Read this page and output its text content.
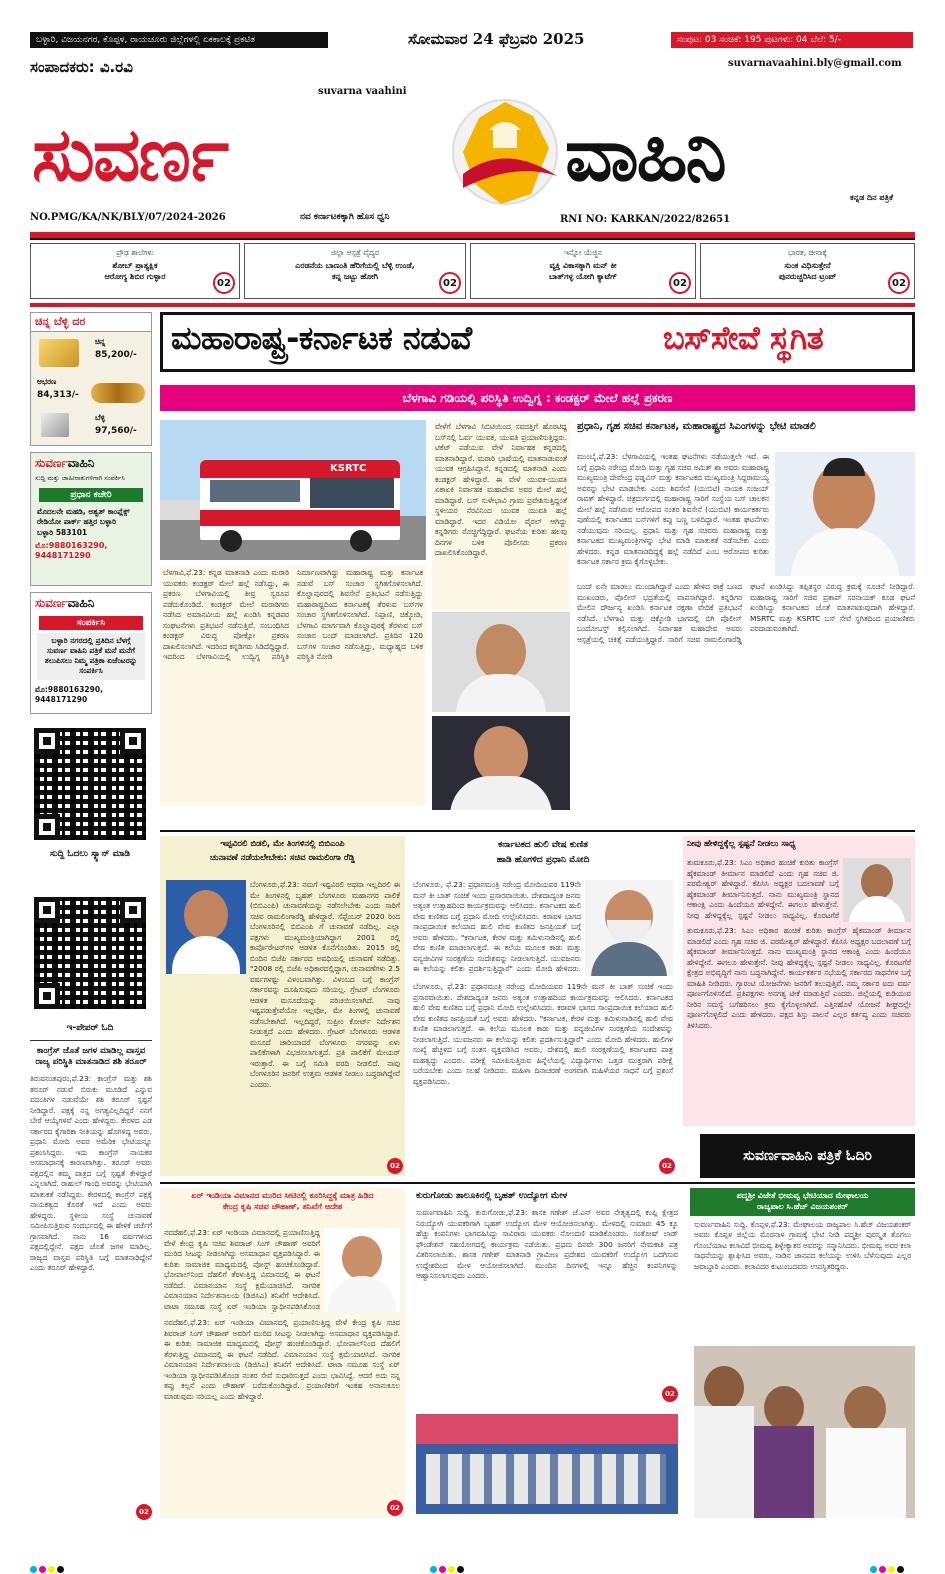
ಬಳ್ಳಾರಿ, ವಿಜಯನಗರ, ಕೊಪ್ಪಳ, ರಾಯಚೂರು ಜಿಲ್ಲೆಗಳಲ್ಲಿ ಏಕಕಾಲಕ್ಕೆ ಪ್ರಕಟಿತ	ಸೋಮವಾರ 24 ಫೆಬ್ರವರಿ 2025	ಸಂಪುಟ: 03 ಸಂಚಿಕೆ: 195 ಪುಟಗಳು: 04 ಬೆಲೆ: 5/-
ಸಂಪಾದಕರು: ವಿ.ರವಿ	suvarnavaahini.bly@gmail.com
suvarna vaahini
ಸುವರ್ಣ	ವಾಹಿನಿ	ಕನ್ನಡ ದಿನ ಪತ್ರಿಕೆ
NO.PMG/KA/NK/BLY/07/2024-2026	ನವ ಕರ್ನಾಟಕಕ್ಕಾಗಿ ಹೊಸ ಧ್ವನಿ	RNI NO: KARKAN/2022/82651
ಪ್ರೌಢ ಶಾಲೆಗಳು
ಶೋಬ್ ಪ್ರಾತ್ಯಕ್ಷಿಕ
ಆರೋಗ್ಯ ಶಿಬಿರ ಗುಳ್ಳಾರ
02
ಜಿಲ್ಲಾ ಆಸ್ಪತ್ರೆ ವೈದ್ಯರ
ಎರಡನೆಯ ಬಾಣಂತಿ ಹೆರಿಗೆಯಲ್ಲಿ ಬೆಳ್ಳಿ ಉಂಡೆ,
ಕನ್ನ ಜಟ್ಟು ಹೋಗಿ
02
ಇನ್ನೋ ಯೆಜ್ಜಿನ
ವ್ಯಕ್ತಿ ವಿಕಾಸಕ್ಕಾಗಿ ಮನ್ ಕೀ
ಬಾತ್‌ಗಳ್ಳ ಯೋಗಿ ಕ್ಯಾಟೆಗ್
02
ಭಾರತ, ಚೀನಾಕ್ಕೆ
ಸುಂಕ ವಿಧಿಸುತ್ತೇನೆ
ಪುನರುಚ್ಚರಿಸಿದ ಟ್ರಂಪ್
02
ಚಿನ್ನ ಬೆಳ್ಳಿ ದರ
ಚಿನ್ನ
85,200/-
ಆಭರಣ
84,313/-
ಬೆಳ್ಳಿ
97,560/-
ಸುವರ್ಣವಾಹಿನಿ
ಸುದ್ದಿ ಮತ್ತು ಜಾಹೀರಾತುಗಳಿಗಾಗಿ ಸಂಪರ್ಕಿಸಿ
ಪ್ರಧಾನ ಕಚೇರಿ
ಮೊದಲನೇ ಮಹಡಿ, ಅಶ್ವತ್ ಕಾಂಪ್ಲೆಕ್ಸ್ ರೇಡಿಯೋ ಪಾರ್ಕ್ ಹತ್ತಿರ ಬಳ್ಳಾರಿ
ಬಳ್ಳಾರಿ 583101
ಮೊ:9880163290, 9448171290
ಸುವರ್ಣವಾಹಿನಿ
ಸಂಪರ್ಕಿಸಿ
ಬಳ್ಳಾರಿ ನಗರದಲ್ಲಿ ಪ್ರತಿದಿನ ಬೆಳಗ್ಗೆ ಸುವರ್ಣ ವಾಹಿನಿ ಪತ್ರಿಕೆ ಮನೆ ಮನೆಗೆ ತಲುಪಿಸಲು ನಿಮ್ಮ ಪತ್ರಿಕಾ ಏಜೆಂಟರನ್ನು ಸಂಪರ್ಕಿಸಿ
ಮೊ:9880163290, 9448171290
ಸುದ್ದಿ ಓದಲು ಸ್ಕ್ಯಾನ್ ಮಾಡಿ
ಇ-ಪೇಪರ್ ಓದಿ
ಕಾಂಗ್ರೆಸ್ ಜೊತೆ ಜಗಳ ಮಾಡಿಲ್ಲ ವಾಸ್ತವ ರಾಜ್ಯ ಪರಿಸ್ಥಿತಿ ಮಾತನಾಡಿದ ಶಶಿ ತರೂರ್
ತಿರುವನಂತಪುರಂ,ಫೆ.23: ಕಾಂಗ್ರೆಸ್ ಮತ್ತು ಶಶಿ ತರೂರ್ ನಡುವೆ ಬಿರುಕು ಮೂಡಿದೆ ಎನ್ನುವ ವದಂತಿಗಳ ನಡುವೆಯೇ ಶಶಿ ತರೂರ್ ಸ್ಪಷ್ಟನೆ ನೀಡಿದ್ದಾರೆ. ಪಕ್ಷಕ್ಕೆ ನನ್ನ ಅಗತ್ಯವಿಲ್ಲದಿದ್ದರೆ ನನಗೆ ಬೇರೆ ಆಯ್ಕೆಗಳಿವೆ ಎಂದು ಹೇಳಿದ್ದರು. ಕೇರಳದ ಎಡ ಸರ್ಕಾರದ ಕೈಗಾರಿಕಾ ನೀತಿಯನ್ನು ಹೊಗಳಿದ್ದ ಅವರು, ಪ್ರಧಾನಿ ಮೋದಿ ಅವರ ಅಮೆರಿಕ ಭೇಟಿಯನ್ನೂ ಪ್ರಶಂಸಿಸಿದ್ದರು. ಇದು ಕಾಂಗ್ರೆಸ್ ನಾಯಕರ ಅಸಮಾಧಾನಕ್ಕೆ ಕಾರಣವಾಗಿತ್ತು. ತರೂರ್ ಅವರು ಪಕ್ಷದಲ್ಲಿನ ತಮ್ಮ ಪಾತ್ರದ ಬಗ್ಗೆ ಸ್ಪಷ್ಟತೆ ಕೇಳಿದ್ದಾರೆ ಎನ್ನಲಾಗಿದೆ. ರಾಹುಲ್ ಗಾಂಧಿ ಅವರನ್ನು ಭೇಟಿಯಾಗಿ ಮಾತುಕತೆ ನಡೆಸಿದ್ದರು. ಕೇರಳದಲ್ಲಿ ಕಾಂಗ್ರೆಸ್ ಪಕ್ಷಕ್ಕೆ ನಾಯಕತ್ವದ ಕೊರತೆ ಇದೆ ಎಂದು ಅವರು ಹೇಳಿದ್ದರು. ಸ್ಥಳೀಯ ಸಂಸ್ಥೆ ಚುನಾವಣೆ ಸಮೀಪಿಸುತ್ತಿರುವ ಸಂದರ್ಭದಲ್ಲಿ ಈ ಹೇಳಿಕೆ ಚರ್ಚೆಗೆ ಗ್ರಾಸವಾಗಿದೆ. ನಾನು 16 ವರ್ಷಗಳಿಂದ ಪಕ್ಷದಲ್ಲಿದ್ದೇನೆ. ಪಕ್ಷದ ಜೊತೆ ಜಗಳ ಮಾಡಿಲ್ಲ. ರಾಜ್ಯದ ವಾಸ್ತವ ಪರಿಸ್ಥಿತಿ ಬಗ್ಗೆ ಮಾತನಾಡಿದ್ದೇನೆ ಎಂದು ತರೂರ್ ಹೇಳಿದ್ದಾರೆ.
02
ಮಹಾರಾಷ್ಟ್ರ-ಕರ್ನಾಟಕ ನಡುವೆ	ಬಸ್‌ಸೇವೆ ಸ್ಥಗಿತ
ಬೆಳಗಾವಿ ಗಡಿಯಲ್ಲಿ ಪರಿಸ್ಥಿತಿ ಉದ್ವಿಗ್ನ : ಕಂಡಕ್ಟರ್ ಮೇಲೆ ಹಲ್ಲೆ ಪ್ರಕರಣ
KSRTC
ಬೆಳಗಾವಿ,ಫೆ.23: ಕನ್ನಡ ಮಾತನಾಡಿ ಎಂದು ಮರಾಠಿ ಯುವಕರು ಕಂಡಕ್ಟರ್ ಮೇಲೆ ಹಲ್ಲೆ ನಡೆಸಿದ್ದು, ಈ ಪ್ರಕರಣ ಬೆಳಗಾವಿಯಲ್ಲಿ ತೀವ್ರ ಸ್ವರೂಪ ಪಡೆದುಕೊಂಡಿದೆ. ಕಂಡಕ್ಟರ್ ಮೇಲೆ ಮರಾಠಿಗರು ನಡೆಸಿದ ಅಮಾನವೀಯ ಹಲ್ಲೆ ಖಂಡಿಸಿ ಕನ್ನಡಪರ ಸಂಘಟನೆಗಳು ಪ್ರತಿಭಟನೆ ನಡೆಸುತ್ತಿವೆ. ಸಂಬಂಧಿಸಿದ ಕಂಡಕ್ಟರ್ ವಿರುದ್ಧ ಪೋಕ್ಸೋ ಪ್ರಕರಣ ದಾಖಲಿಸಲಾಗಿದೆ. ಇದರಿಂದ ಕನ್ನಡಿಗರು ಸಿಡಿದೆದ್ದಿದ್ದಾರೆ. ಇದರಿಂದ ಬೆಳಗಾವಿಯಲ್ಲಿ ಉದ್ವಿಗ್ನ ಪರಿಸ್ಥಿತಿ ನಿರ್ಮಾಣವಾಗಿದ್ದು ಮಹಾರಾಷ್ಟ್ರ ಮತ್ತು ಕರ್ನಾಟಕ ನಡುವೆ ಬಸ್ ಸಂಚಾರ ಸ್ಥಗಿತಗೊಳಿಸಲಾಗಿದೆ. ಕೊಲ್ಹಾಪುರದಲ್ಲಿ ಶಿವಸೇನೆ ಪ್ರತಿಭಟನೆ ನಡೆಸುತ್ತಿದ್ದು ಮಹಾರಾಷ್ಟ್ರದಿಂದ ಕರ್ನಾಟಕಕ್ಕೆ ತೆರಳುವ ಬಸ್‌ಗಳ ಸಂಚಾರ ಸ್ಥಗಿತಗೊಳಿಸಲಾಗಿದೆ. ನಿಪ್ಪಾಣಿ, ಚಿಕ್ಕೋಡಿ, ಬೆಳಗಾವಿ ಮಾರ್ಗವಾಗಿ ಕೊಲ್ಹಾಪುರಕ್ಕೆ ತೆರಳುವ ಬಸ್ ಸಂಚಾರ ಬಂದ್ ಮಾಡಲಾಗಿದೆ. ಪ್ರತಿದಿನ 120 ಬಸ್‌ಗಳ ಸಂಚಾರ ನಡೆಸುತ್ತಿದ್ದು, ಮಧ್ಯಾಹ್ನದ ಬಳಿಕ ಪರಿಸ್ಥಿತಿ ನೋಡಿ
ವೇಳೆಗೆ ಬೆಳಗಾವಿ ಸಿಬಿಟಿಯಿಂದ ಸವದತ್ತಿಗೆ ಹೊರಟಿದ್ದ ಬಸ್‌ನಲ್ಲಿ ಓರ್ವ ಯುವಕ, ಯುವತಿ ಪ್ರಯಾಣಿಸುತ್ತಿದ್ದರು. ಟಿಕೆಟ್ ಪಡೆಯುವ ವೇಳೆ ನಿರ್ವಾಹಕ ಕನ್ನಡದಲ್ಲಿ ಮಾತನಾಡಿದ್ದಾರೆ. ಮರಾಠಿ ಭಾಷೆಯಲ್ಲಿ ಮಾತನಾಡುವಂತೆ ಯುವಕ ಆಗ್ರಹಿಸಿದ್ದಾನೆ. ಕನ್ನಡದಲ್ಲಿ ಮಾತನಾಡಿ ಎಂದು ಕಂಡಕ್ಟರ್ ಹೇಳಿದ್ದಾರೆ. ಈ ವೇಳೆ ಯುವಕ-ಯುವತಿ ಏಕಾಏಕಿ ನಿರ್ವಾಹಕ ಮಹಾದೇವ ಅವರ ಮೇಲೆ ಹಲ್ಲೆ ಮಾಡಿದ್ದಾರೆ. ಬಸ್ ಸುಳೇಭಾವಿ ಗ್ರಾಮ ಪ್ರವೇಶಿಸುತ್ತಿದ್ದಂತೆ ಸ್ಥಳೀಯರ ನೆರವಿನಿಂದ ಯುವಕ ಯುವತಿ ಹಲ್ಲೆ ಮಾಡಿದ್ದಾರೆ. ಇದರ ವಿಡಿಯೋ ವೈರಲ್ ಆಗಿದ್ದು ಕನ್ನಡಿಗರು ರೊಚ್ಚಿಗೆದ್ದಿದ್ದಾರೆ. ಘಟನೆಯ ಕುರಿತು ಹಲವು ದಿನಗಳ ಬಳಿಕ ಪೊಲೀಸರು ಪ್ರಕರಣ ದಾಖಲಿಸಿಕೊಂಡಿದ್ದಾರೆ.
ಪ್ರಧಾನಿ, ಗೃಹ ಸಚಿವ ಕರ್ನಾಟಕ, ಮಹಾರಾಷ್ಟ್ರದ ಸಿಎಂಗಳನ್ನು ಭೇಟಿ ಮಾಡಲಿ
ಮುಂಬೈ,ಫೆ.23: ಬೆಳಗಾವಿಯಲ್ಲಿ ಇಂತಹ ಘಟನೆಗಳು ನಡೆಯುತ್ತಲೇ ಇವೆ. ಈ ಬಗ್ಗೆ ಪ್ರಧಾನಿ ನರೇಂದ್ರ ಮೋದಿ ಮತ್ತು ಗೃಹ ಸಚಿವ ಅಮಿತ್ ಶಾ ಅವರು ಮಹಾರಾಷ್ಟ್ರ ಮುಖ್ಯಮಂತ್ರಿ ದೇವೇಂದ್ರ ಫಡ್ನವಿಸ್ ಮತ್ತು ಕರ್ನಾಟಕದ ಮುಖ್ಯಮಂತ್ರಿ ಸಿದ್ದರಾಮಯ್ಯ ಅವರನ್ನು ಭೇಟಿ ಮಾಡಬೇಕು ಎಂದು ಶಿವಸೇನೆ (ಯುಬಿಟಿ) ನಾಯಕ ಸಂಜಯ್ ರಾವತ್ ಹೇಳಿದ್ದಾರೆ. ಚಿತ್ರದುರ್ಗದಲ್ಲಿ ಮಹಾರಾಷ್ಟ್ರ ಸಾರಿಗೆ ಸಂಸ್ಥೆಯ ಬಸ್ ಚಾಲಕನ ಮೇಲೆ ಹಲ್ಲೆ ನಡೆಸಿರುವ ಆರೋಪದ ನಂತರ ಶಿವಸೇನೆ (ಯುಬಿಟಿ) ಕಾರ್ಯಕರ್ತರು ಪುಣೆಯಲ್ಲಿ ಕರ್ನಾಟಕದ ಬಸ್‌ಗಳಿಗೆ ಕಪ್ಪು ಬಣ್ಣ ಬಳಿದಿದ್ದಾರೆ. ಇಂತಹ ಘಟನೆಗಳು ನಡೆಯುವುದು ಸರಿಯಲ್ಲ. ಪ್ರಧಾನಿ ಮತ್ತು ಗೃಹ ಸಚಿವರು ಮಹಾರಾಷ್ಟ್ರ ಮತ್ತು ಕರ್ನಾಟಕದ ಮುಖ್ಯಮಂತ್ರಿಗಳನ್ನು ಭೇಟಿ ಮಾಡಿ ಮಾತುಕತೆ ನಡೆಸಬೇಕು ಎಂದು ಹೇಳಿದರು. ಕನ್ನಡ ಮಾತನಾಡದಿದ್ದಕ್ಕೆ ಹಲ್ಲೆ ನಡೆದಿದೆ ಎಂಬ ಆರೋಪದ ಕುರಿತು ಕರ್ನಾಟಕ ಸರ್ಕಾರ ಕ್ರಮ ಕೈಗೊಳ್ಳಬೇಕು.
ಬಂದ್ ಏನೇ ಮಾಡಲು ಮುಂದಾಗಿದ್ದಾರೆ ಎಂದು ಹೇಳಿದ ಠಾಕ್ರೆ ಬಣದ ಮುಖಂಡರು, ಪೊಲೀಸ್ ಭದ್ರತೆಯಲ್ಲಿ ವಾಪಸಾಗಿದ್ದಾರೆ. ಕನ್ನಡಿಗರ ಮೇಲಿನ ದೌರ್ಜನ್ಯ ಖಂಡಿಸಿ ಕರ್ನಾಟಕ ರಕ್ಷಣಾ ವೇದಿಕೆ ಪ್ರತಿಭಟನೆ ನಡೆಸಿದೆ. ಬೆಳಗಾವಿ ಮತ್ತು ಚಿಕ್ಕೋಡಿ ಭಾಗದಲ್ಲಿ ಬಿಗಿ ಪೊಲೀಸ್ ಬಂದೋಬಸ್ತ್ ಕಲ್ಪಿಸಲಾಗಿದೆ. ನಿರ್ವಾಹಕ ಮಹಾದೇವ ಅವರು ಆಸ್ಪತ್ರೆಯಲ್ಲಿ ಚಿಕಿತ್ಸೆ ಪಡೆಯುತ್ತಿದ್ದಾರೆ. ಸಾರಿಗೆ ಸಚಿವ ರಾಮಲಿಂಗಾರೆಡ್ಡಿ ಘಟನೆ ಖಂಡಿಸಿದ್ದು ತಪ್ಪಿತಸ್ಥರ ವಿರುದ್ಧ ಕ್ರಮಕ್ಕೆ ಸೂಚನೆ ನೀಡಿದ್ದಾರೆ. ಮಹಾರಾಷ್ಟ್ರ ಸಾರಿಗೆ ಸಚಿವ ಪ್ರತಾಪ್ ಸರನಾಯಕ್ ಕೂಡ ಘಟನೆ ಖಂಡಿಸಿದ್ದು ಕರ್ನಾಟಕದ ಜೊತೆ ಮಾತನಾಡುವುದಾಗಿ ಹೇಳಿದ್ದಾರೆ. MSRTC ಮತ್ತು KSRTC ಬಸ್ ಸೇವೆ ಸ್ಥಗಿತದಿಂದ ಪ್ರಯಾಣಿಕರು ಪರದಾಡುವಂತಾಗಿದೆ.
ಇಪ್ಪವಿರಲಿ ಬಿಡಲಿ, ಮೇ ತಿಂಗಳಿನಲ್ಲಿ ಬಿಬಿಎಂಪಿ
ಚುನಾವಣೆ ನಡೆಯಲೇಬೇಕು: ಸಚಿವ ರಾಮಲಿಂಗಾ ರೆಡ್ಡಿ
ಬೆಂಗಳೂರು,ಫೆ.23: ನಮಗೆ ಇಷ್ಟವಿರಲಿ ಅಥವಾ ಇಲ್ಲದಿರಲಿ ಈ ಮೇ ತಿಂಗಳಿನಲ್ಲಿ ಬೃಹತ್ ಬೆಂಗಳೂರು ಮಹಾನಗರ ಪಾಲಿಕೆ (ಬಿಬಿಎಂಪಿ) ಚುನಾವಣೆಯನ್ನು ನಡೆಸಲೇಬೇಕು ಎಂದು ಸಾರಿಗೆ ಸಚಿವ ರಾಮಲಿಂಗಾರೆಡ್ಡಿ ಹೇಳಿದ್ದಾರೆ. ಸೆಪ್ಟೆಂಬರ್ 2020 ರಿಂದ ಬೆಂಗಳೂರಿನಲ್ಲಿ ಬಿಬಿಎಂಪಿ ಗೆ ಚುನಾವಣೆ ನಡೆದಿಲ್ಲ. ಎಲ್ಲಾ ಪಕ್ಷಗಳು ಮುಖ್ಯಮಂತ್ರಿಯಾಗಿದ್ದಾಗ 2001 ರಲ್ಲಿ ಕಾರ್ಪೊರೇಟರ್‌ಗಳ ಆಡಳಿತ ಕೊನೆಗೊಂಡಿತು. 2015 ರಲ್ಲಿ ಬಿಂದಿನ ಬಿಜೆಪಿ ಸರ್ಕಾರದ ಅವಧಿಯಲ್ಲಿ ಚುನಾವಣೆ ನಡೆದಿತ್ತು. "2008 ರಲ್ಲಿ ಬಿಜೆಪಿ ಅಧಿಕಾರದಲ್ಲಿದ್ದಾಗ, ಚುನಾವಣೆಗಳು 2.5 ವರ್ಷಗಳಷ್ಟು ವಿಳಂಬವಾಗಿತ್ತು. ವಿಳಂಬದ ಬಗ್ಗೆ ಕಾಂಗ್ರೆಸ್ ಸರ್ಕಾರವನ್ನು ದೂಷಿಸುವುದು ಸರಿಯಲ್ಲ. ಗ್ರೇಟರ್ ಬೆಂಗಳೂರು ಆಡಳಿತ ಮಸೂದೆಯನ್ನು ಪರಿಚಯಿಸಲಾಗಿದೆ. ನಾವು ಇಷ್ಟಪಡುತ್ತೇವೆಯೋ ಇಲ್ಲವೋ, ಮೇ ತಿಂಗಳಲ್ಲಿ ಚುನಾವಣೆ ನಡೆಸಬೇಕಾಗಿದೆ. ಇಲ್ಲದಿದ್ದರೆ, ಸುಪ್ರೀಂ ಕೋರ್ಟ್ ನಿರ್ದೇಶನ ನೀಡುತ್ತದೆ ಎಂದು ಹೇಳಿದರು. ಗ್ರೇಟರ್ ಬೆಂಗಳೂರು ಆಡಳಿತ ಮಸೂದೆ ಜಾರಿಯಾದರೆ ಬೆಂಗಳೂರು ನಗರವನ್ನು ಏಳು ಪಾಲಿಕೆಗಳಾಗಿ ವಿಭಜಿಸಲಾಗುತ್ತದೆ. ಪ್ರತಿ ಪಾಲಿಕೆಗೆ ಮೇಯರ್ ಇರುತ್ತಾರೆ. ಈ ಬಗ್ಗೆ ಸಮಿತಿ ವರದಿ ನೀಡಲಿದೆ. ನಾವು ಬೆಂಗಳೂರಿನ ಜನರಿಗೆ ಉತ್ತಮ ಆಡಳಿತ ನೀಡಲು ಬದ್ಧರಾಗಿದ್ದೇವೆ ಎಂದರು.
02
ಕರ್ನಾಟಕದ ಹುಲಿ ವೇಷ ಕುಣಿತ
ಹಾಡಿ ಹೊಗಳಿದ ಪ್ರಧಾನಿ ಮೋದಿ
ಬೆಂಗಳೂರು, ಫೆ.23: ಪ್ರಧಾನಮಂತ್ರಿ ನರೇಂದ್ರ ಮೋದಿಯವರ 119ನೇ ಮನ್ ಕೀ ಬಾತ್ ಸಂಚಿಕೆ ಇಂದು ಪ್ರಸಾರವಾಯಿತು. ದೇಶದಾದ್ಯಂತ ಜನರು ಅತ್ಯಂತ ಉತ್ಸಾಹದಿಂದ ಕಾರ್ಯಕ್ರಮವನ್ನು ಆಲಿಸಿದರು. ಕರ್ನಾಟಕದ ಹುಲಿ ವೇಷ ಕುಣಿತದ ಬಗ್ಗೆ ಪ್ರಧಾನಿ ಮೋದಿ ಉಲ್ಲೇಖಿಸಿದರು. ಕರಾವಳಿ ಭಾಗದ ಸಾಂಪ್ರದಾಯಿಕ ಕಲೆಯಾದ ಹುಲಿ ವೇಷ ಕುಣಿತದ ಜನಪ್ರಿಯತೆ ಬಗ್ಗೆ ಅವರು ಹೇಳಿದರು. "ಕರ್ನಾಟಕ, ಕೇರಳ ಮತ್ತು ತಮಿಳುನಾಡಿನಲ್ಲಿ ಹುಲಿ ವೇಷ ಕುಣಿತ ಮಾಡಲಾಗುತ್ತದೆ. ಈ ಕಲೆಯ ಮೂಲಕ ಕಾಡು ಮತ್ತು ವನ್ಯಜೀವಿಗಳ ಸಂರಕ್ಷಣೆಯ ಸಂದೇಶವನ್ನು ನೀಡಲಾಗುತ್ತಿದೆ. ಯುವಜನರು ಈ ಕಲೆಯನ್ನು ಕಲಿತು ಪ್ರದರ್ಶಿಸುತ್ತಿದ್ದಾರೆ" ಎಂದು ಮೋದಿ ಹೇಳಿದರು.
ಬೆಂಗಳೂರು, ಫೆ.23: ಪ್ರಧಾನಮಂತ್ರಿ ನರೇಂದ್ರ ಮೋದಿಯವರ 119ನೇ ಮನ್ ಕೀ ಬಾತ್ ಸಂಚಿಕೆ ಇಂದು ಪ್ರಸಾರವಾಯಿತು. ದೇಶದಾದ್ಯಂತ ಜನರು ಅತ್ಯಂತ ಉತ್ಸಾಹದಿಂದ ಕಾರ್ಯಕ್ರಮವನ್ನು ಆಲಿಸಿದರು. ಕರ್ನಾಟಕದ ಹುಲಿ ವೇಷ ಕುಣಿತದ ಬಗ್ಗೆ ಪ್ರಧಾನಿ ಮೋದಿ ಉಲ್ಲೇಖಿಸಿದರು. ಕರಾವಳಿ ಭಾಗದ ಸಾಂಪ್ರದಾಯಿಕ ಕಲೆಯಾದ ಹುಲಿ ವೇಷ ಕುಣಿತದ ಜನಪ್ರಿಯತೆ ಬಗ್ಗೆ ಅವರು ಹೇಳಿದರು. "ಕರ್ನಾಟಕ, ಕೇರಳ ಮತ್ತು ತಮಿಳುನಾಡಿನಲ್ಲಿ ಹುಲಿ ವೇಷ ಕುಣಿತ ಮಾಡಲಾಗುತ್ತದೆ. ಈ ಕಲೆಯ ಮೂಲಕ ಕಾಡು ಮತ್ತು ವನ್ಯಜೀವಿಗಳ ಸಂರಕ್ಷಣೆಯ ಸಂದೇಶವನ್ನು ನೀಡಲಾಗುತ್ತಿದೆ. ಯುವಜನರು ಈ ಕಲೆಯನ್ನು ಕಲಿತು ಪ್ರದರ್ಶಿಸುತ್ತಿದ್ದಾರೆ" ಎಂದು ಮೋದಿ ಹೇಳಿದರು. ಹುಲಿಗಳ ಸಂಖ್ಯೆ ಹೆಚ್ಚಳದ ಬಗ್ಗೆ ಸಂತಸ ವ್ಯಕ್ತಪಡಿಸಿದ ಅವರು, ದೇಶದಲ್ಲಿ ಹುಲಿ ಸಂರಕ್ಷಣೆಯಲ್ಲಿ ಕರ್ನಾಟಕದ ಪಾತ್ರ ಮಹತ್ವದ್ದು ಎಂದರು. ಪರೀಕ್ಷೆ ಸಮೀಪಿಸುತ್ತಿರುವ ಹಿನ್ನೆಲೆಯಲ್ಲಿ ವಿದ್ಯಾರ್ಥಿಗಳು ಒತ್ತಡ ಮುಕ್ತರಾಗಿ ಪರೀಕ್ಷೆ ಬರೆಯಬೇಕು ಎಂದು ಸಲಹೆ ನೀಡಿದರು. ಮಹಿಳಾ ದಿನಾಚರಣೆ ಅಂಗವಾಗಿ ಮಹಿಳೆಯರ ಸಾಧನೆ ಬಗ್ಗೆ ಪ್ರಶಂಸೆ ವ್ಯಕ್ತಪಡಿಸಿದರು.
02
ನೀವು ಹೇಳಿದ್ದಕ್ಕೆಲ್ಲ ಸ್ಪಷ್ಟನೆ ನೀಡಲು ಸಾಧ್ಯ
ತುಮಕೂರು,ಫೆ.23: ಸಿಎಂ ಅಧಿಕಾರ ಹಂಚಿಕೆ ಕುರಿತು ಕಾಂಗ್ರೆಸ್ ಹೈಕಮಾಂಡ್ ತೀರ್ಮಾನ ಮಾಡಲಿದೆ ಎಂದು ಗೃಹ ಸಚಿವ ಜಿ. ಪರಮೇಶ್ವರ್ ಹೇಳಿದ್ದಾರೆ. ಕೆಪಿಸಿಸಿ ಅಧ್ಯಕ್ಷರ ಬದಲಾವಣೆ ಬಗ್ಗೆ ಹೈಕಮಾಂಡ್ ತೀರ್ಮಾನಿಸುತ್ತದೆ. ನಾನು ಮುಖ್ಯಮಂತ್ರಿ ಸ್ಥಾನದ ಆಕಾಂಕ್ಷಿ ಎಂದು ಹಿಂದೆಯೂ ಹೇಳಿದ್ದೇನೆ. ಈಗಲೂ ಹೇಳುತ್ತೇನೆ. ನೀವು ಹೇಳಿದ್ದಕ್ಕೆಲ್ಲ ಸ್ಪಷ್ಟನೆ ನೀಡಲು ಸಾಧ್ಯವಿಲ್ಲ. ಕೊರಟಗೆರೆ
ತುಮಕೂರು,ಫೆ.23: ಸಿಎಂ ಅಧಿಕಾರ ಹಂಚಿಕೆ ಕುರಿತು ಕಾಂಗ್ರೆಸ್ ಹೈಕಮಾಂಡ್ ತೀರ್ಮಾನ ಮಾಡಲಿದೆ ಎಂದು ಗೃಹ ಸಚಿವ ಜಿ. ಪರಮೇಶ್ವರ್ ಹೇಳಿದ್ದಾರೆ. ಕೆಪಿಸಿಸಿ ಅಧ್ಯಕ್ಷರ ಬದಲಾವಣೆ ಬಗ್ಗೆ ಹೈಕಮಾಂಡ್ ತೀರ್ಮಾನಿಸುತ್ತದೆ. ನಾನು ಮುಖ್ಯಮಂತ್ರಿ ಸ್ಥಾನದ ಆಕಾಂಕ್ಷಿ ಎಂದು ಹಿಂದೆಯೂ ಹೇಳಿದ್ದೇನೆ. ಈಗಲೂ ಹೇಳುತ್ತೇನೆ. ನೀವು ಹೇಳಿದ್ದಕ್ಕೆಲ್ಲ ಸ್ಪಷ್ಟನೆ ನೀಡಲು ಸಾಧ್ಯವಿಲ್ಲ. ಕೊರಟಗೆರೆ ಕ್ಷೇತ್ರದ ಅಭಿವೃದ್ಧಿಗೆ ನಾನು ಬದ್ಧನಾಗಿದ್ದೇನೆ. ಕಾರ್ಯಕರ್ತರ ಸಭೆಯಲ್ಲಿ ಸರ್ಕಾರದ ಸಾಧನೆಗಳ ಬಗ್ಗೆ ಮಾಹಿತಿ ನೀಡಿದರು. ಗ್ಯಾರಂಟಿ ಯೋಜನೆಗಳು ಜನರಿಗೆ ತಲುಪುತ್ತಿವೆ. ನಮ್ಮ ಸರ್ಕಾರ ಐದು ವರ್ಷ ಪೂರ್ಣಗೊಳಿಸಲಿದೆ. ಪ್ರತಿಪಕ್ಷಗಳು ಅನಗತ್ಯ ಟೀಕೆ ಮಾಡುತ್ತಿವೆ ಎಂದರು. ಜಿಲ್ಲೆಯಲ್ಲಿ ಕುಡಿಯುವ ನೀರಿನ ಸಮಸ್ಯೆ ಬಗೆಹರಿಸಲು ಕ್ರಮ ಕೈಗೊಳ್ಳಲಾಗಿದೆ. ಎತ್ತಿನಹೊಳೆ ಯೋಜನೆ ಶೀಘ್ರದಲ್ಲೇ ಪೂರ್ಣಗೊಳ್ಳಲಿದೆ ಎಂದು ಹೇಳಿದರು. ಪಕ್ಷದ ಶಿಸ್ತು ಪಾಲನೆ ಎಲ್ಲರ ಕರ್ತವ್ಯ ಎಂದು ಸಚಿವರು ತಿಳಿಸಿದರು.
ಸುವರ್ಣವಾಹಿನಿ ಪತ್ರಿಕೆ ಓದಿರಿ
ಏರ್ ಇಂಡಿಯಾ ವಿಮಾನದ ಮುರಿದ ಸೀಟಿನಲ್ಲಿ ಕೂರಿಸಿದ್ದಕ್ಕೆ ಮಾತ್ರ ಹಿಡಿದ
ಕೇಂದ್ರ ಕೃಷಿ ಸಚಿವ ಚೌಹಾಣ್, ತನಿಖೆಗೆ ಆದೇಶ
ನವದೆಹಲಿ,ಫೆ.23: ಏರ್ ಇಂಡಿಯಾ ವಿಮಾನದಲ್ಲಿ ಪ್ರಯಾಣಿಸುತ್ತಿದ್ದ ವೇಳೆ ಕೇಂದ್ರ ಕೃಷಿ ಸಚಿವ ಶಿವರಾಜ್ ಸಿಂಗ್ ಚೌಹಾಣ್ ಅವರಿಗೆ ಮುರಿದ ಸೀಟನ್ನು ನೀಡಲಾಗಿದ್ದು ಅಸಮಾಧಾನ ವ್ಯಕ್ತಪಡಿಸಿದ್ದಾರೆ. ಈ ಕುರಿತು ಸಾಮಾಜಿಕ ಮಾಧ್ಯಮದಲ್ಲಿ ಪೋಸ್ಟ್ ಹಂಚಿಕೊಂಡಿದ್ದಾರೆ. ಭೋಪಾಲ್‌ನಿಂದ ದೆಹಲಿಗೆ ತೆರಳುತ್ತಿದ್ದ ವಿಮಾನದಲ್ಲಿ ಈ ಘಟನೆ ನಡೆದಿದೆ. ವಿಮಾನಯಾನ ಸಂಸ್ಥೆ ಕ್ಷಮೆಯಾಚಿಸಿದೆ. ನಾಗರಿಕ ವಿಮಾನಯಾನ ನಿರ್ದೇಶನಾಲಯ (ಡಿಜಿಸಿಎ) ತನಿಖೆಗೆ ಆದೇಶಿಸಿದೆ. ಟಾಟಾ ಸಮೂಹ ಸಂಸ್ಥೆ ಏರ್ ಇಂಡಿಯಾ ಸ್ವಾಧೀನಪಡಿಸಿಕೊಂಡ
ನವದೆಹಲಿ,ಫೆ.23: ಏರ್ ಇಂಡಿಯಾ ವಿಮಾನದಲ್ಲಿ ಪ್ರಯಾಣಿಸುತ್ತಿದ್ದ ವೇಳೆ ಕೇಂದ್ರ ಕೃಷಿ ಸಚಿವ ಶಿವರಾಜ್ ಸಿಂಗ್ ಚೌಹಾಣ್ ಅವರಿಗೆ ಮುರಿದ ಸೀಟನ್ನು ನೀಡಲಾಗಿದ್ದು ಅಸಮಾಧಾನ ವ್ಯಕ್ತಪಡಿಸಿದ್ದಾರೆ. ಈ ಕುರಿತು ಸಾಮಾಜಿಕ ಮಾಧ್ಯಮದಲ್ಲಿ ಪೋಸ್ಟ್ ಹಂಚಿಕೊಂಡಿದ್ದಾರೆ. ಭೋಪಾಲ್‌ನಿಂದ ದೆಹಲಿಗೆ ತೆರಳುತ್ತಿದ್ದ ವಿಮಾನದಲ್ಲಿ ಈ ಘಟನೆ ನಡೆದಿದೆ. ವಿಮಾನಯಾನ ಸಂಸ್ಥೆ ಕ್ಷಮೆಯಾಚಿಸಿದೆ. ನಾಗರಿಕ ವಿಮಾನಯಾನ ನಿರ್ದೇಶನಾಲಯ (ಡಿಜಿಸಿಎ) ತನಿಖೆಗೆ ಆದೇಶಿಸಿದೆ. ಟಾಟಾ ಸಮೂಹ ಸಂಸ್ಥೆ ಏರ್ ಇಂಡಿಯಾ ಸ್ವಾಧೀನಪಡಿಸಿಕೊಂಡ ನಂತರ ಸೇವೆ ಸುಧಾರಿಸುತ್ತದೆ ಎಂದು ಭಾವಿಸಿದ್ದೆ. ಆದರೆ ಅದು ನನ್ನ ತಪ್ಪು ಕಲ್ಪನೆ ಎಂದು ಚೌಹಾಣ್ ಬರೆದುಕೊಂಡಿದ್ದಾರೆ. ಪ್ರಯಾಣಿಕರಿಗೆ ಇಂತಹ ಅನಾನುಕೂಲ ಮಾಡುವುದು ಸರಿಯಲ್ಲ ಎಂದು ಹೇಳಿದ್ದಾರೆ.
02
ಕುರುಗೋಡು ತಾಲೂಕಿನಲ್ಲಿ ಬೃಹತ್ ಉದ್ಯೋಗ ಮೇಳ
ಸುವರ್ಣವಾಹಿನಿ ಸುದ್ದಿ. ಕುರುಗೋಡು,ಫೆ.23: ಶಾಸಕ ಗಣೇಶ್ ಜೆ.ಎನ್ ಅವರ ನೇತೃತ್ವದಲ್ಲಿ ಕಂಪ್ಲಿ ಕ್ಷೇತ್ರದ ನಿರುದ್ಯೋಗಿ ಯುವಕರಿಗಾಗಿ ಬೃಹತ್ ಉದ್ಯೋಗ ಮೇಳ ಆಯೋಜಿಸಲಾಗಿತ್ತು. ಮೇಳದಲ್ಲಿ ಸುಮಾರು 45 ಕ್ಕೂ ಹೆಚ್ಚು ಕಂಪನಿಗಳು ಭಾಗವಹಿಸಿದ್ದು ಸಾವಿರಾರು ಯುವಕರು ನೋಂದಣಿ ಮಾಡಿಕೊಂಡರು. ಸಂತೋಷ್ ಲಾಡ್ ಫೌಂಡೇಶನ್ ಸಹಯೋಗದಲ್ಲಿ ಕಾರ್ಯಕ್ರಮ ನಡೆಯಿತು. ಪ್ರಥಮ ದಿನವೇ 300 ಜನರಿಗೆ ನೇಮಕಾತಿ ಪತ್ರ ವಿತರಿಸಲಾಯಿತು. ಶಾಸಕ ಗಣೇಶ್ ಮಾತನಾಡಿ ಗ್ರಾಮೀಣ ಪ್ರದೇಶದ ಯುವಕರಿಗೆ ಉದ್ಯೋಗ ಒದಗಿಸುವ ಉದ್ದೇಶದಿಂದ ಮೇಳ ಆಯೋಜಿಸಲಾಗಿದೆ. ಮುಂದಿನ ದಿನಗಳಲ್ಲಿ ಇನ್ನೂ ಹೆಚ್ಚಿನ ಕಂಪನಿಗಳನ್ನು ಆಹ್ವಾನಿಸಲಾಗುವುದು ಎಂದರು.
02
ಪದ್ಮಶ್ರೀ ವಿಜೇತೆ ಭೀಮವ್ವ ಭೇಟಿಯಾದ ಮೇಘಾಲಯ
ರಾಜ್ಯಪಾಲ ಸಿ.ಹೆಚ್ ವಿಜಯಶಂಕರ್
ಸುವರ್ಣವಾಹಿನಿ ಸುದ್ದಿ. ಕೊಪ್ಪಳ,ಫೆ.23: ಮೇಘಾಲಯ ರಾಜ್ಯಪಾಲ ಸಿ.ಹೆಚ್ ವಿಜಯಶಂಕರ್ ಅವರು ಕೊಪ್ಪಳ ಜಿಲ್ಲೆಯ ಮೊರನಾಳ ಗ್ರಾಮಕ್ಕೆ ಭೇಟಿ ನೀಡಿ ಪದ್ಮಶ್ರೀ ಪುರಸ್ಕೃತ ತೊಗಲು ಗೊಂಬೆಯಾಟ ಕಲಾವಿದೆ ಭೀಮವ್ವ ಶಿಳ್ಳೇಕ್ಯಾತರ ಅವರನ್ನು ಸನ್ಮಾನಿಸಿದರು. ಭೀಮವ್ವ ಅವರ ಕಲಾ ಸಾಧನೆಯನ್ನು ಶ್ಲಾಘಿಸಿದ ಅವರು, ನಾಡಿನ ಜಾನಪದ ಕಲೆಯನ್ನು ಉಳಿಸಿ ಬೆಳೆಸುವುದು ಎಲ್ಲರ ಜವಾಬ್ದಾರಿ ಎಂದರು. ಕಲಾವಿದರ ಕುಟುಂಬದವರು ಉಪಸ್ಥಿತರಿದ್ದರು.
